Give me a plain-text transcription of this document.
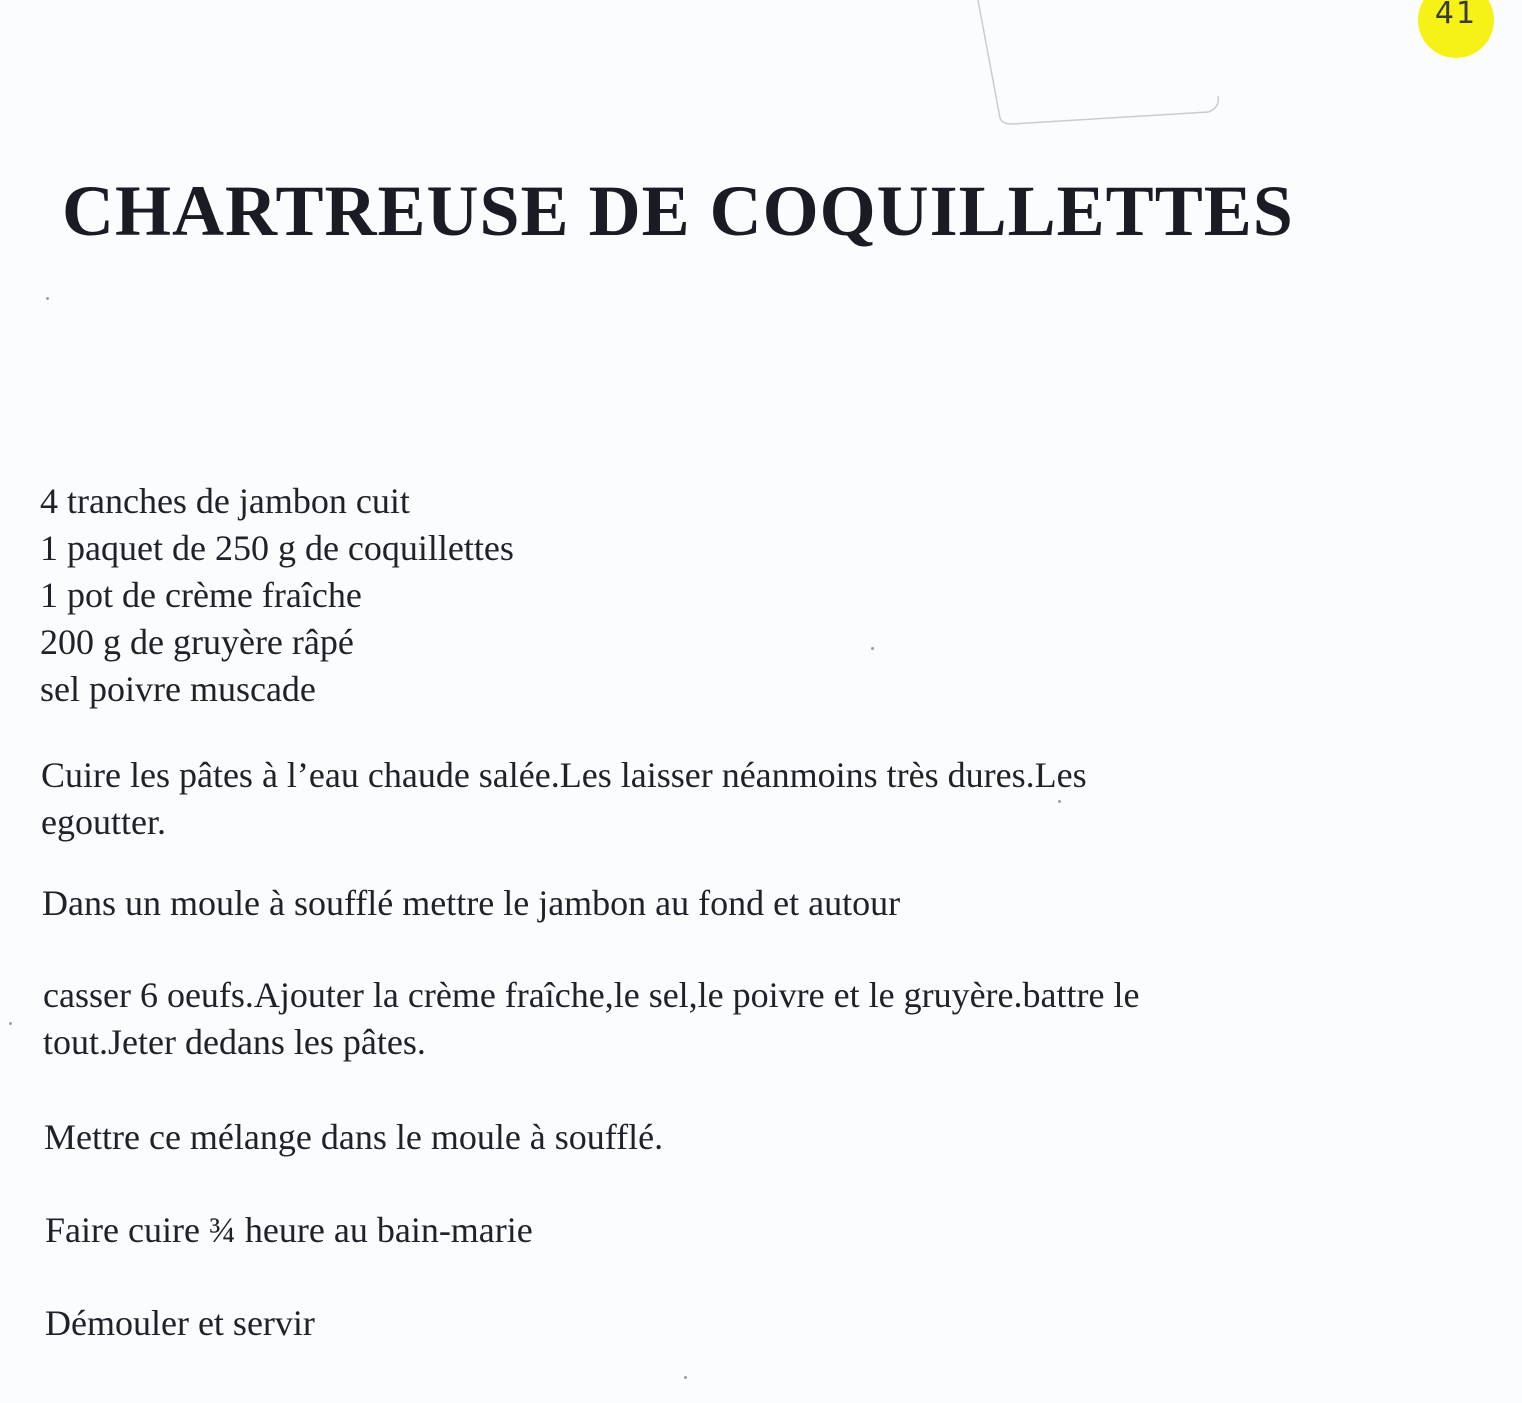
41
CHARTREUSE DE COQUILLETTES

4 tranches de jambon cuit

1 paquet de 250 g de coquillettes

1 pot de crème fraîche

200 g de gruyère râpé

sel poivre muscade

Cuire les pâtes à l’eau chaude salée.Les laisser néanmoins très dures.Les

egoutter.

Dans un moule à soufflé mettre le jambon au fond et autour

casser 6 oeufs.Ajouter la crème fraîche,le sel,le poivre et le gruyère.battre le

tout.Jeter dedans les pâtes.

Mettre ce mélange dans le moule à soufflé.

Faire cuire ¾ heure au bain-marie

Démouler et servir
